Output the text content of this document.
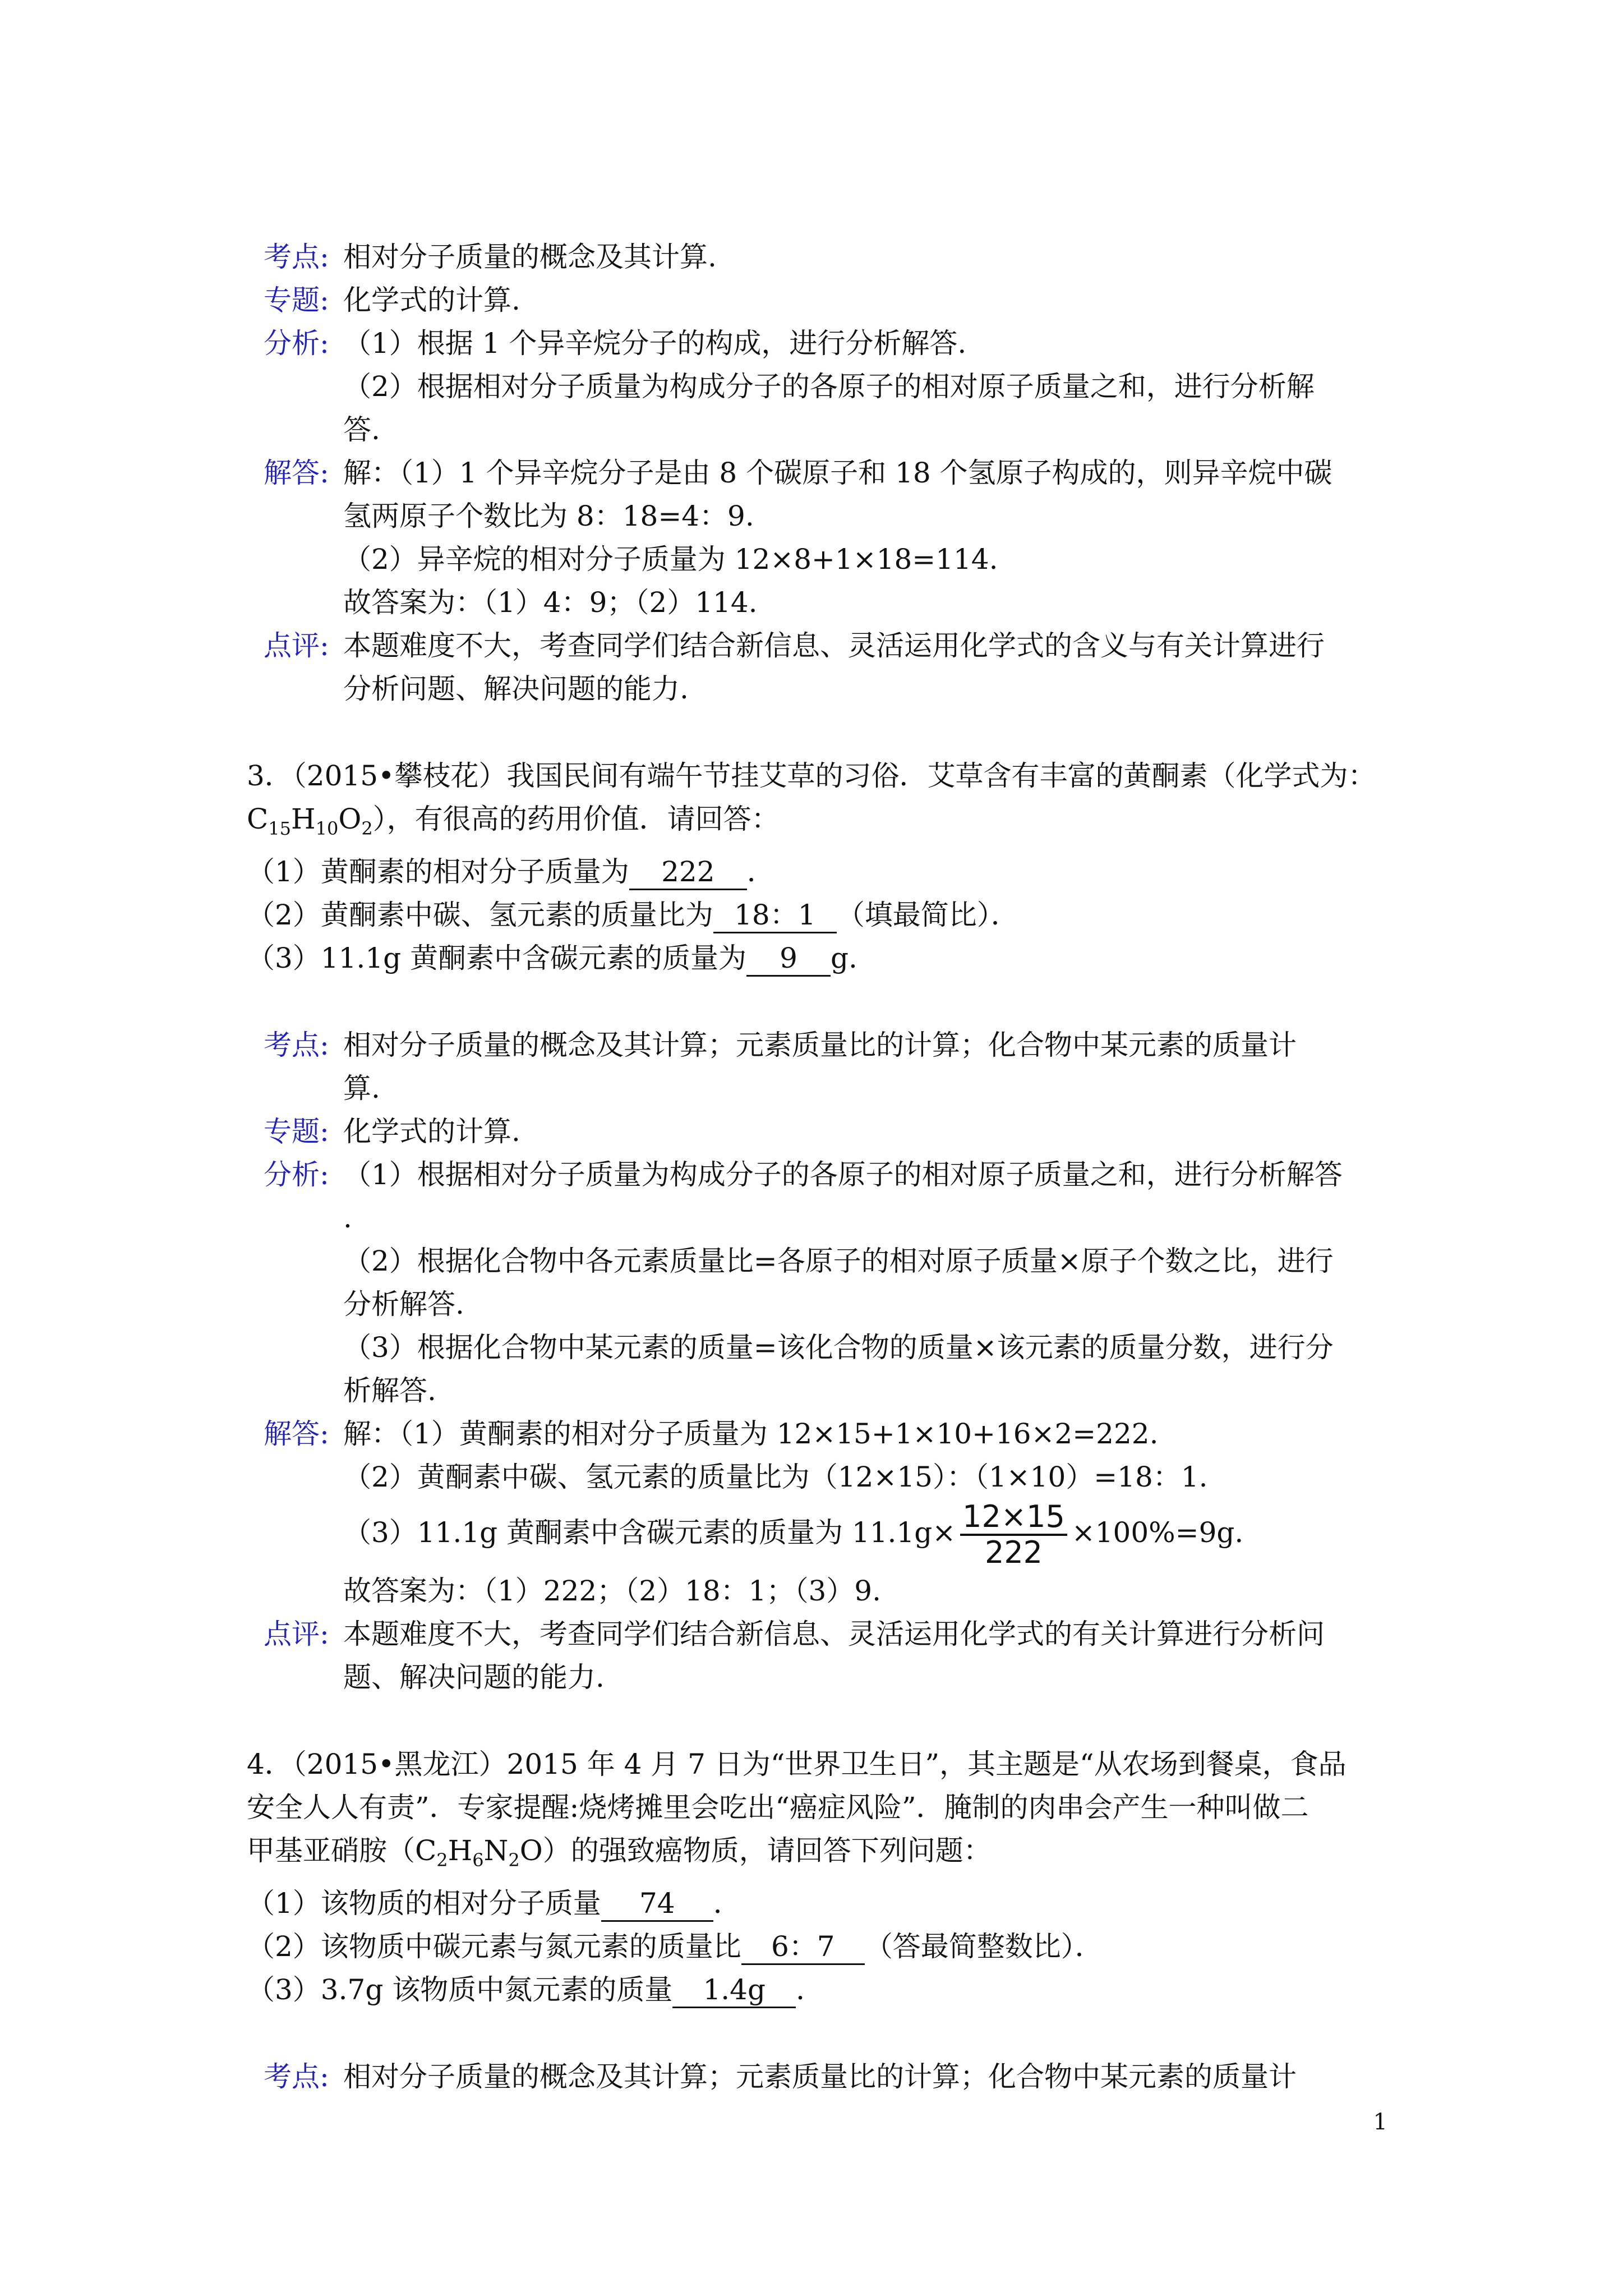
考点: 相对分子质量的概念及其计算.
专题: 化学式的计算.
分析: （1）根据 1 个异辛烷分子的构成，进行分析解答.
（2）根据相对分子质量为构成分子的各原子的相对原子质量之和，进行分析解
答.
解答: 解：（1）1 个异辛烷分子是由 8 个碳原子和 18 个氢原子构成的，则异辛烷中碳
氢两原子个数比为 8：18=4：9.
（2）异辛烷的相对分子质量为 12×8+1×18=114.
故答案为：（1）4：9；（2）114.
点评: 本题难度不大，考查同学们结合新信息、灵活运用化学式的含义与有关计算进行
分析问题、解决问题的能力.
3．（2015•攀枝花）我国民间有端午节挂艾草的习俗．艾草含有丰富的黄酮素（化学式为：
$C_{15}H_{10}O_2$），有很高的药用价值．请回答：
（1）黄酮素的相对分子质量为 222 ．
（2）黄酮素中碳、氢元素的质量比为 18：1 （填最简比）．
（3）11.1g 黄酮素中含碳元素的质量为 9 g.
考点: 相对分子质量的概念及其计算；元素质量比的计算；化合物中某元素的质量计
算.
专题: 化学式的计算.
分析: （1）根据相对分子质量为构成分子的各原子的相对原子质量之和，进行分析解答
.
（2）根据化合物中各元素质量比=各原子的相对原子质量×原子个数之比，进行
分析解答.
（3）根据化合物中某元素的质量=该化合物的质量×该元素的质量分数，进行分
析解答.
解答: 解：（1）黄酮素的相对分子质量为 12×15+1×10+16×2=222.
（2）黄酮素中碳、氢元素的质量比为（12×15）：（1×10）=18：1.
（3）11.1g 黄酮素中含碳元素的质量为 $11.1g\times \frac{12\times 15}{222} \times 100\%=9g$.
故答案为：（1）222；（2）18：1；（3）9.
点评: 本题难度不大，考查同学们结合新信息、灵活运用化学式的有关计算进行分析问
题、解决问题的能力.
4．（2015•黑龙江）2015 年 4 月 7 日为“世界卫生日”，其主题是“从农场到餐桌，食品
安全人人有责”．专家提醒:烧烤摊里会吃出“癌症风险”．腌制的肉串会产生一种叫做二
甲基亚硝胺$(C_2H_6N_2O)$的强致癌物质，请回答下列问题：
（1）该物质的相对分子质量 74 ．
（2）该物质中碳元素与氮元素的质量比 6：7 （答最简整数比）．
（3）3.7g 该物质中氮元素的质量 1.4g ．
考点: 相对分子质量的概念及其计算；元素质量比的计算；化合物中某元素的质量计
1
